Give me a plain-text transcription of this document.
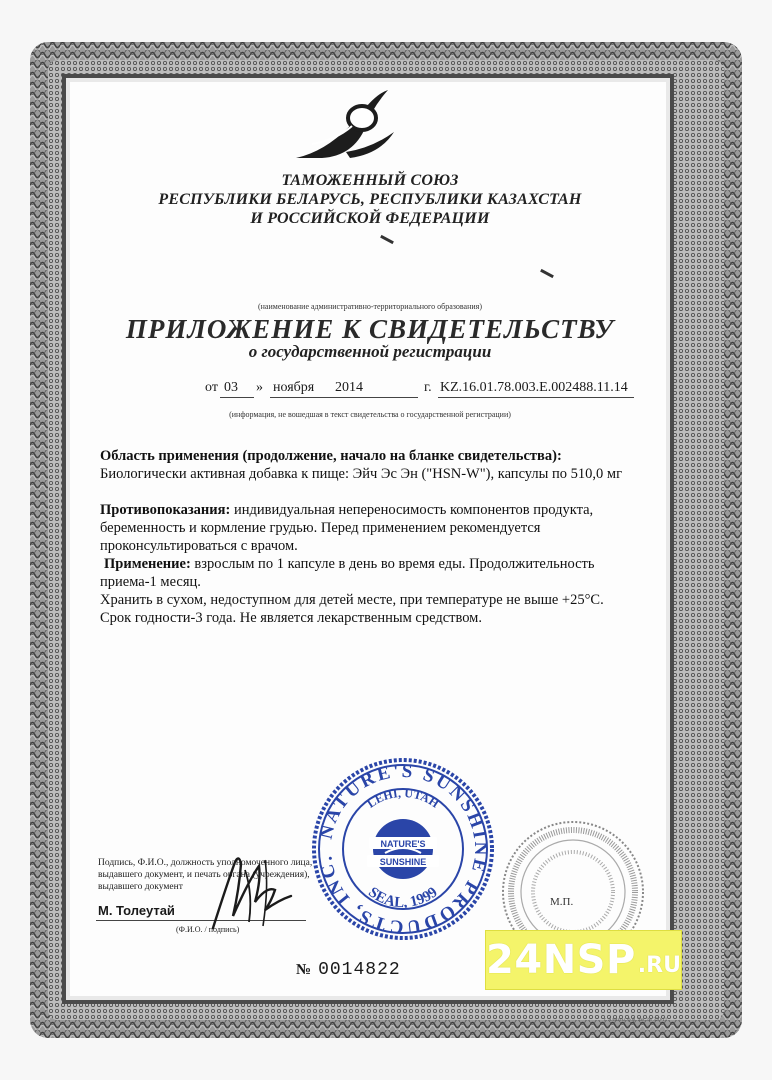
ТАМОЖЕННЫЙ СОЮЗ
РЕСПУБЛИКИ БЕЛАРУСЬ, РЕСПУБЛИКИ КАЗАХСТАН
И РОССИЙСКОЙ ФЕДЕРАЦИИ
(наименование административно-территориального образования)
ПРИЛОЖЕНИЕ К СВИДЕТЕЛЬСТВУ
о государственной регистрации
от 03 » ноября 2014	г. KZ.16.01.78.003.E.002488.11.14
(информация, не вошедшая в текст свидетельства о государственной регистрации)
Область применения (продолжение, начало на бланке свидетельства):
Биологически активная добавка к пище: Эйч Эс Эн ("HSN-W"), капсулы по 510,0 мг
Противопоказания: индивидуальная непереносимость компонентов продукта,
беременность и кормление грудью. Перед применением рекомендуется
проконсультироваться с врачом.
Применение: взрослым по 1 капсуле в день во время еды. Продолжительность
приема-1 месяц.
Хранить в сухом, недоступном для детей месте, при температуре не выше +25°С.
Срок годности-3 года. Не является лекарственным средством.
Подпись, Ф.И.О., должность уполномоченного лица,
выдавшего документ, и печать органа (учреждения),
выдавшего документ
М. Толеутай
(Ф.И.О. / подпись)
№ 0014822
NATURE'S SUNSHINE PRODUCTS, INC.
LEHI, UTAH
SEAL, 1999
NATURE'S
SUNSHINE
М.П.
24NSP .RU
г. Алматы. ф.ф. Зак. № 320-11
